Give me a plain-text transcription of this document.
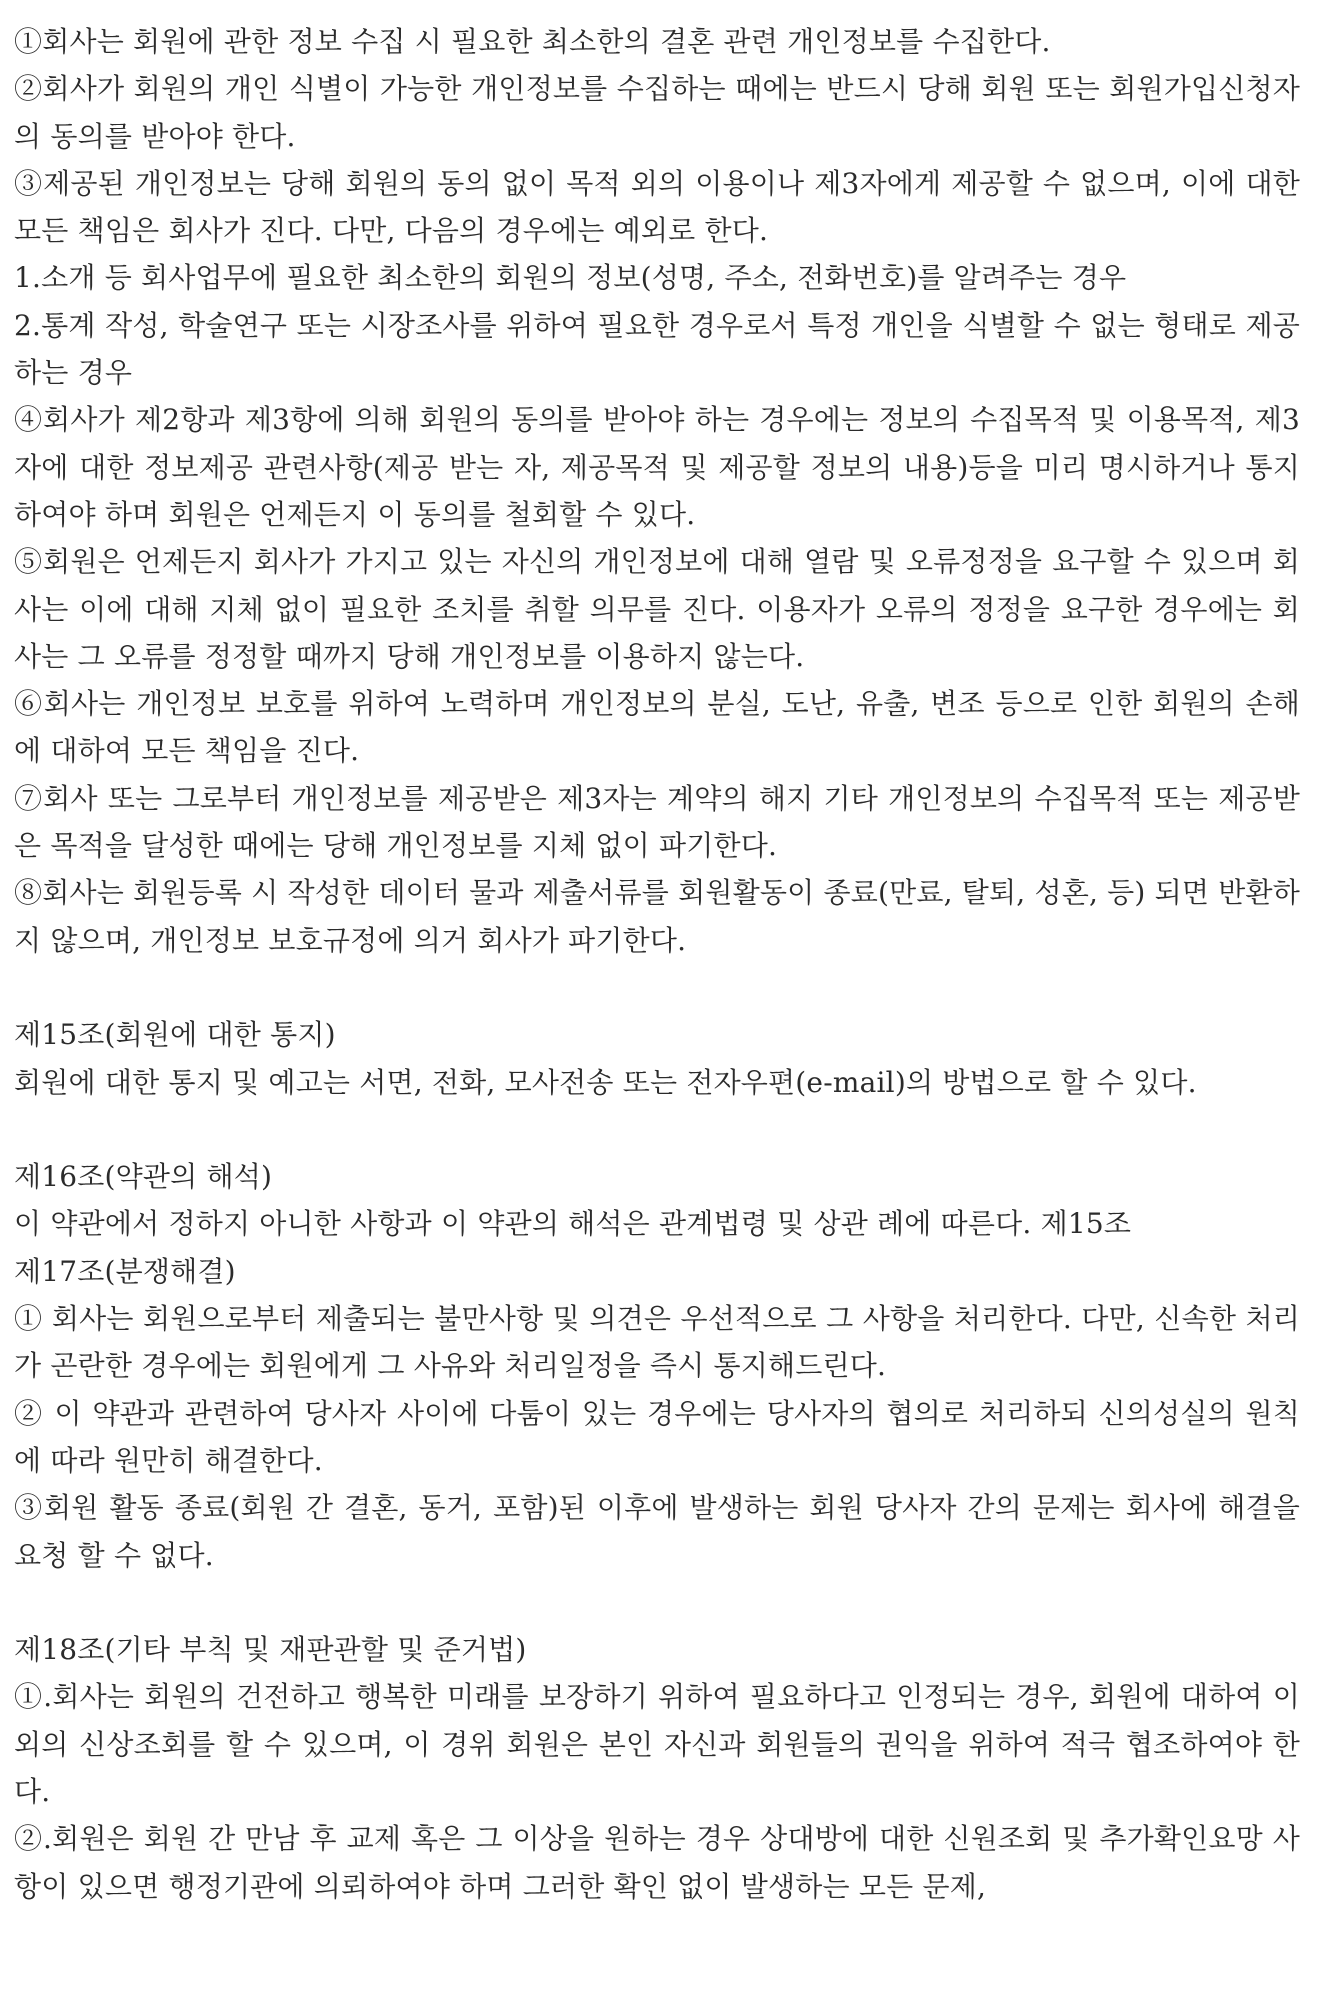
①회사는 회원에 관한 정보 수집 시 필요한 최소한의 결혼 관련 개인정보를 수집한다.

②회사가 회원의 개인 식별이 가능한 개인정보를 수집하는 때에는 반드시 당해 회원 또는 회원가입신청자의 동의를 받아야 한다.

③제공된 개인정보는 당해 회원의 동의 없이 목적 외의 이용이나 제3자에게 제공할 수 없으며, 이에 대한 모든 책임은 회사가 진다. 다만, 다음의 경우에는 예외로 한다.

1.소개 등 회사업무에 필요한 최소한의 회원의 정보(성명, 주소, 전화번호)를 알려주는 경우

2.통계 작성, 학술연구 또는 시장조사를 위하여 필요한 경우로서 특정 개인을 식별할 수 없는 형태로 제공하는 경우

④회사가 제2항과 제3항에 의해 회원의 동의를 받아야 하는 경우에는 정보의 수집목적 및 이용목적, 제3자에 대한 정보제공 관련사항(제공 받는 자, 제공목적 및 제공할 정보의 내용)등을 미리 명시하거나 통지하여야 하며 회원은 언제든지 이 동의를 철회할 수 있다.

⑤회원은 언제든지 회사가 가지고 있는 자신의 개인정보에 대해 열람 및 오류정정을 요구할 수 있으며 회사는 이에 대해 지체 없이 필요한 조치를 취할 의무를 진다. 이용자가 오류의 정정을 요구한 경우에는 회사는 그 오류를 정정할 때까지 당해 개인정보를 이용하지 않는다.

⑥회사는 개인정보 보호를 위하여 노력하며 개인정보의 분실, 도난, 유출, 변조 등으로 인한 회원의 손해에 대하여 모든 책임을 진다.

⑦회사 또는 그로부터 개인정보를 제공받은 제3자는 계약의 해지 기타 개인정보의 수집목적 또는 제공받은 목적을 달성한 때에는 당해 개인정보를 지체 없이 파기한다.

⑧회사는 회원등록 시 작성한 데이터 물과 제출서류를 회원활동이 종료(만료, 탈퇴, 성혼, 등) 되면 반환하지 않으며, 개인정보 보호규정에 의거 회사가 파기한다.

제15조(회원에 대한 통지)

회원에 대한 통지 및 예고는 서면, 전화, 모사전송 또는 전자우편(e-mail)의 방법으로 할 수 있다.

제16조(약관의 해석)

이 약관에서 정하지 아니한 사항과 이 약관의 해석은 관계법령 및 상관 례에 따른다. 제15조

제17조(분쟁해결)

① 회사는 회원으로부터 제출되는 불만사항 및 의견은 우선적으로 그 사항을 처리한다. 다만, 신속한 처리가 곤란한 경우에는 회원에게 그 사유와 처리일정을 즉시 통지해드린다.

② 이 약관과 관련하여 당사자 사이에 다툼이 있는 경우에는 당사자의 협의로 처리하되 신의성실의 원칙에 따라 원만히 해결한다.

③회원 활동 종료(회원 간 결혼, 동거, 포함)된 이후에 발생하는 회원 당사자 간의 문제는 회사에 해결을 요청 할 수 없다.

제18조(기타 부칙 및 재판관할 및 준거법)

①.회사는 회원의 건전하고 행복한 미래를 보장하기 위하여 필요하다고 인정되는 경우, 회원에 대하여 이외의 신상조회를 할 수 있으며, 이 경위 회원은 본인 자신과 회원들의 권익을 위하여 적극 협조하여야 한다.

②.회원은 회원 간 만남 후 교제 혹은 그 이상을 원하는 경우 상대방에 대한 신원조회 및 추가확인요망 사항이 있으면 행정기관에 의뢰하여야 하며 그러한 확인 없이 발생하는 모든 문제,
